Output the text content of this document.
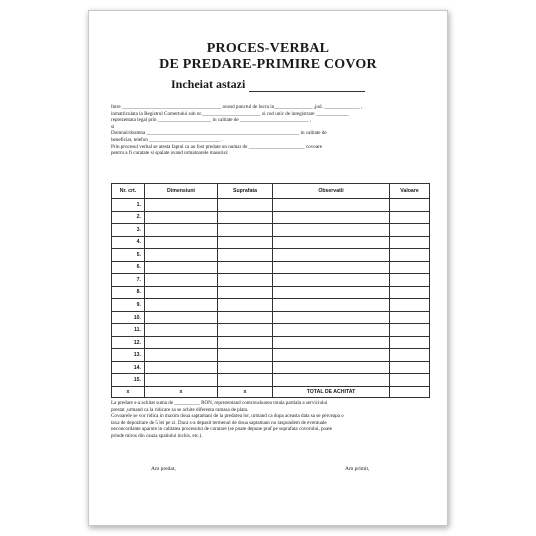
PROCES-VERBAL
DE PREDARE-PRIMIRE COVOR
Incheiat astazi
Intre _______________________________________ avand punctul de lucru in_______________ ,jud. ______________ ,
inmatriculata la Registrul Comertului sub nr._______________________ si cod unic de inregistrare _____________
reprezentata legal prin _____________________ in calitate de ___________________________ ,
si
Domnul/doamna ____________________________________________________________ in calitate de
beneficiar, telefon ____________________________ .
Prin procesul verbal se atesta faptul ca au fost predate un numar de ______________________ covoare
pentru a fi curatate si spalate avand urmatoarele masurisi:
Nr. crt.	Dimensiuni	Suprafata	Observatii	Valoare
1.				
2.				
3.				
4.				
5.				
6.				
7.				
8.				
9.				
10.				
11.				
12.				
13.				
14.				
15.				
x	x	x	TOTAL DE ACHITAT	
La predare s-a achitat suma de __________ RON, reprezentand contravaloarea totala partiala a serviciului
prestat ,urmand ca la ridicare sa se achite diferenta ramasa de plata.
Covoarele se vor ridica in maxim doua saptamani de la predarea lor, urmand ca dupa aceasta data sa se perceapa o
taxa de depozitare de 5 lei pe zi. Daca s-a depasit termenul de doua saptamani nu raspundem de eventuale
neconcordante aparute in calitatea procesului de curatare (se poate depune praf pe suprafata covorului, poate
prinde miros din cauza spatiului inchis, etc.).
Am predat,	Am primit,
